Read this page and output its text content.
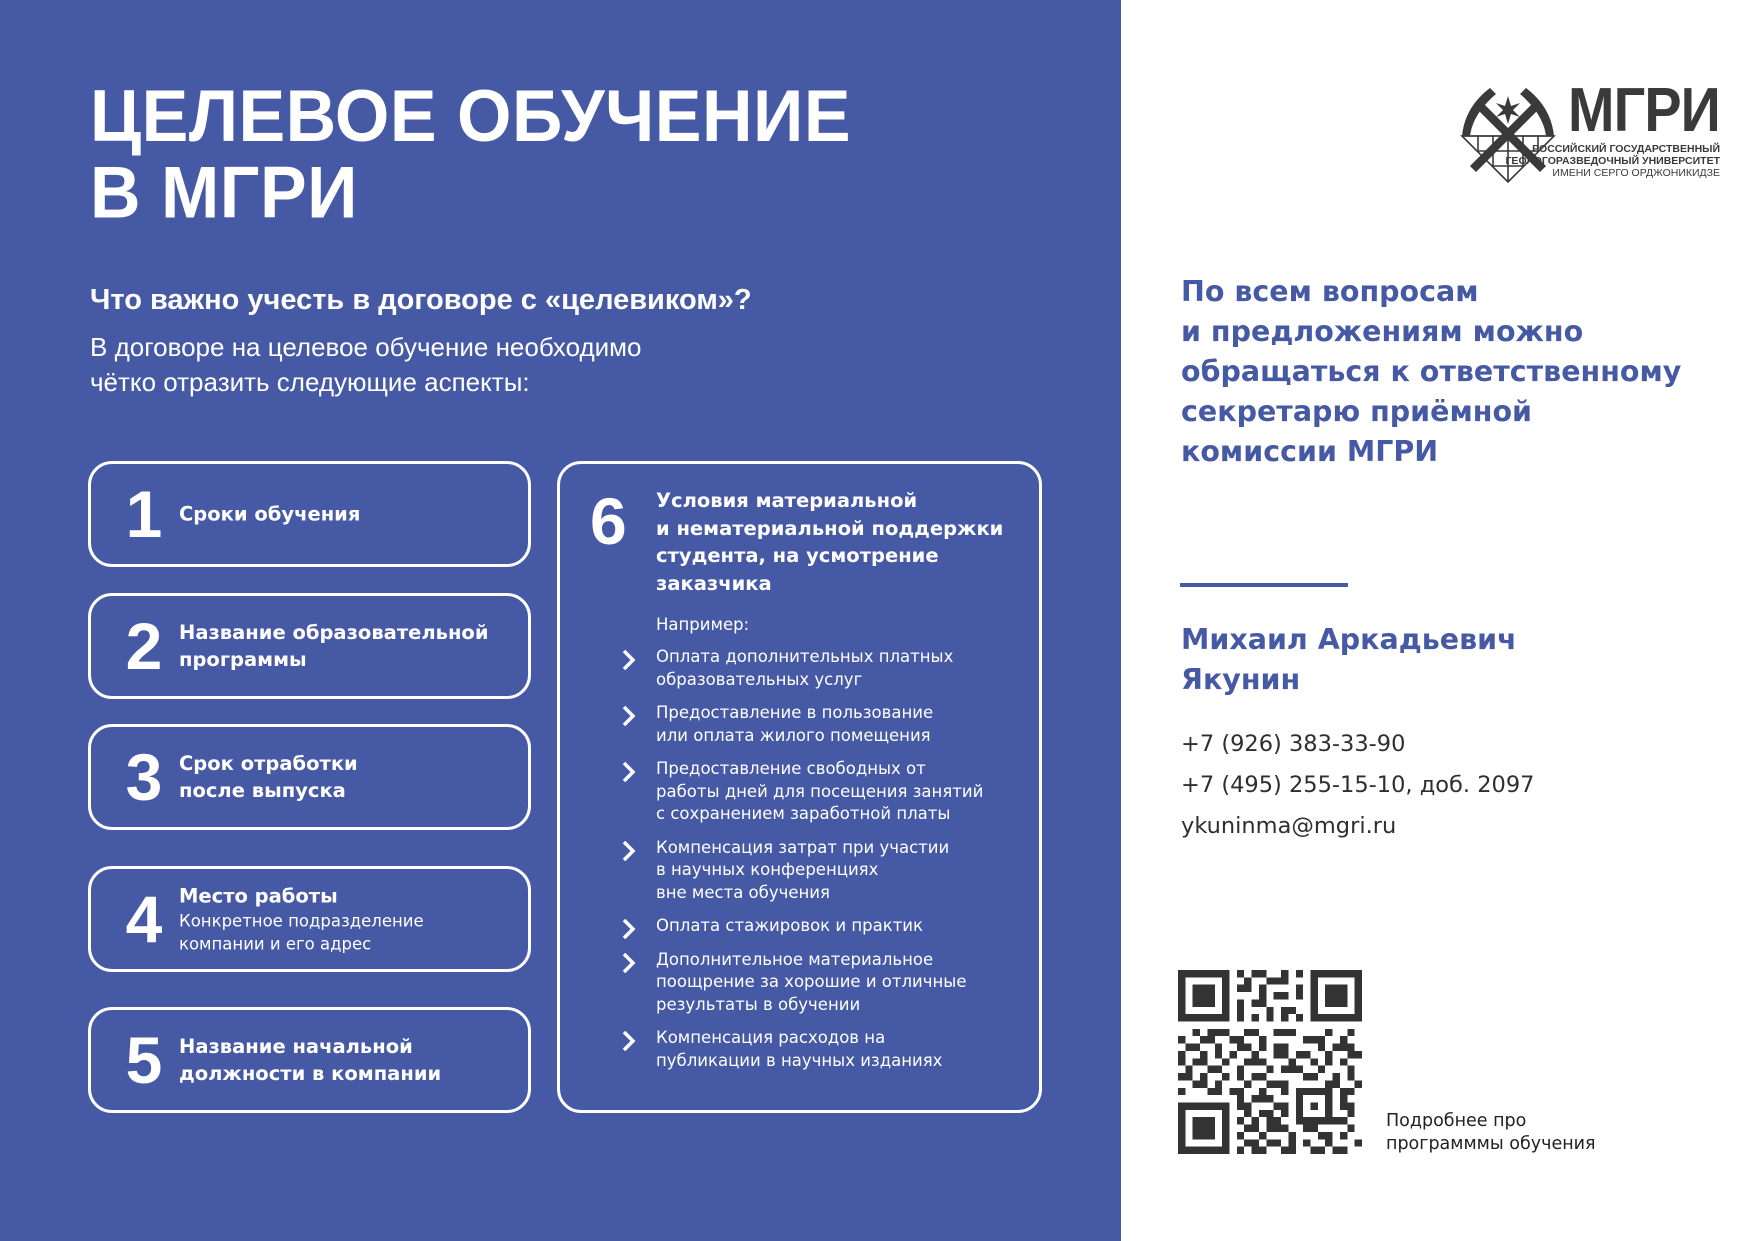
ЦЕЛЕВОЕ ОБУЧЕНИЕ
В МГРИ
Что важно учесть в договоре с «целевиком»?
В договоре на целевое обучение необходимо
чётко отразить следующие аспекты:
1 Сроки обучения
2 Название образовательной
программы
3 Срок отработки
после выпуска
4 Место работы
Конкретное подразделение
компании и его адрес
5 Название начальной
должности в компании
6 Условия материальной
и нематериальной поддержки
студента, на усмотрение
заказчика
Например:
Оплата дополнительных платных
образовательных услуг
Предоставление в пользование
или оплата жилого помещения
Предоставление свободных от
работы дней для посещения занятий
с сохранением заработной платы
Компенсация затрат при участии
в научных конференциях
вне места обучения
Оплата стажировок и практик
Дополнительное материальное
поощрение за хорошие и отличные
результаты в обучении
Компенсация расходов на
публикации в научных изданиях
МГРИ
РОССИЙСКИЙ ГОСУДАРСТВЕННЫЙ
ГЕОЛОГОРАЗВЕДОЧНЫЙ УНИВЕРСИТЕТ
ИМЕНИ СЕРГО ОРДЖОНИКИДЗЕ
По всем вопросам
и предложениям можно
обращаться к ответственному
секретарю приёмной
комиссии МГРИ
Михаил Аркадьевич
Якунин
+7 (926) 383-33-90
+7 (495) 255-15-10, доб. 2097
ykuninma@mgri.ru
Подробнее про
программмы обучения
